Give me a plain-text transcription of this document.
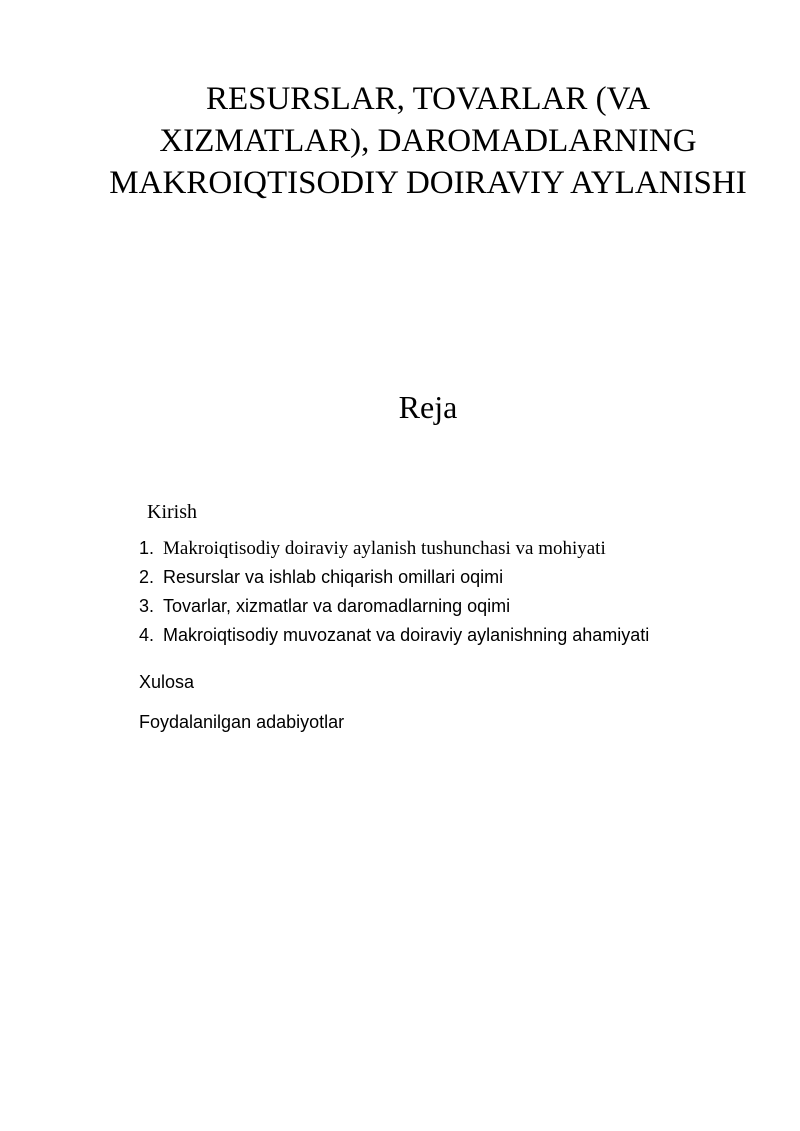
RESURSLAR, TOVARLAR (VA XIZMATLAR), DAROMADLARNING MAKROIQTISODIY DOIRAVIY AYLANISHI
Reja

Kirish

1. Makroiqtisodiy doiraviy aylanish tushunchasi va mohiyati
2. Resurslar va ishlab chiqarish omillari oqimi
3. Tovarlar, xizmatlar va daromadlarning oqimi
4. Makroiqtisodiy muvozanat va doiraviy aylanishning ahamiyati

Xulosa

Foydalanilgan adabiyotlar
